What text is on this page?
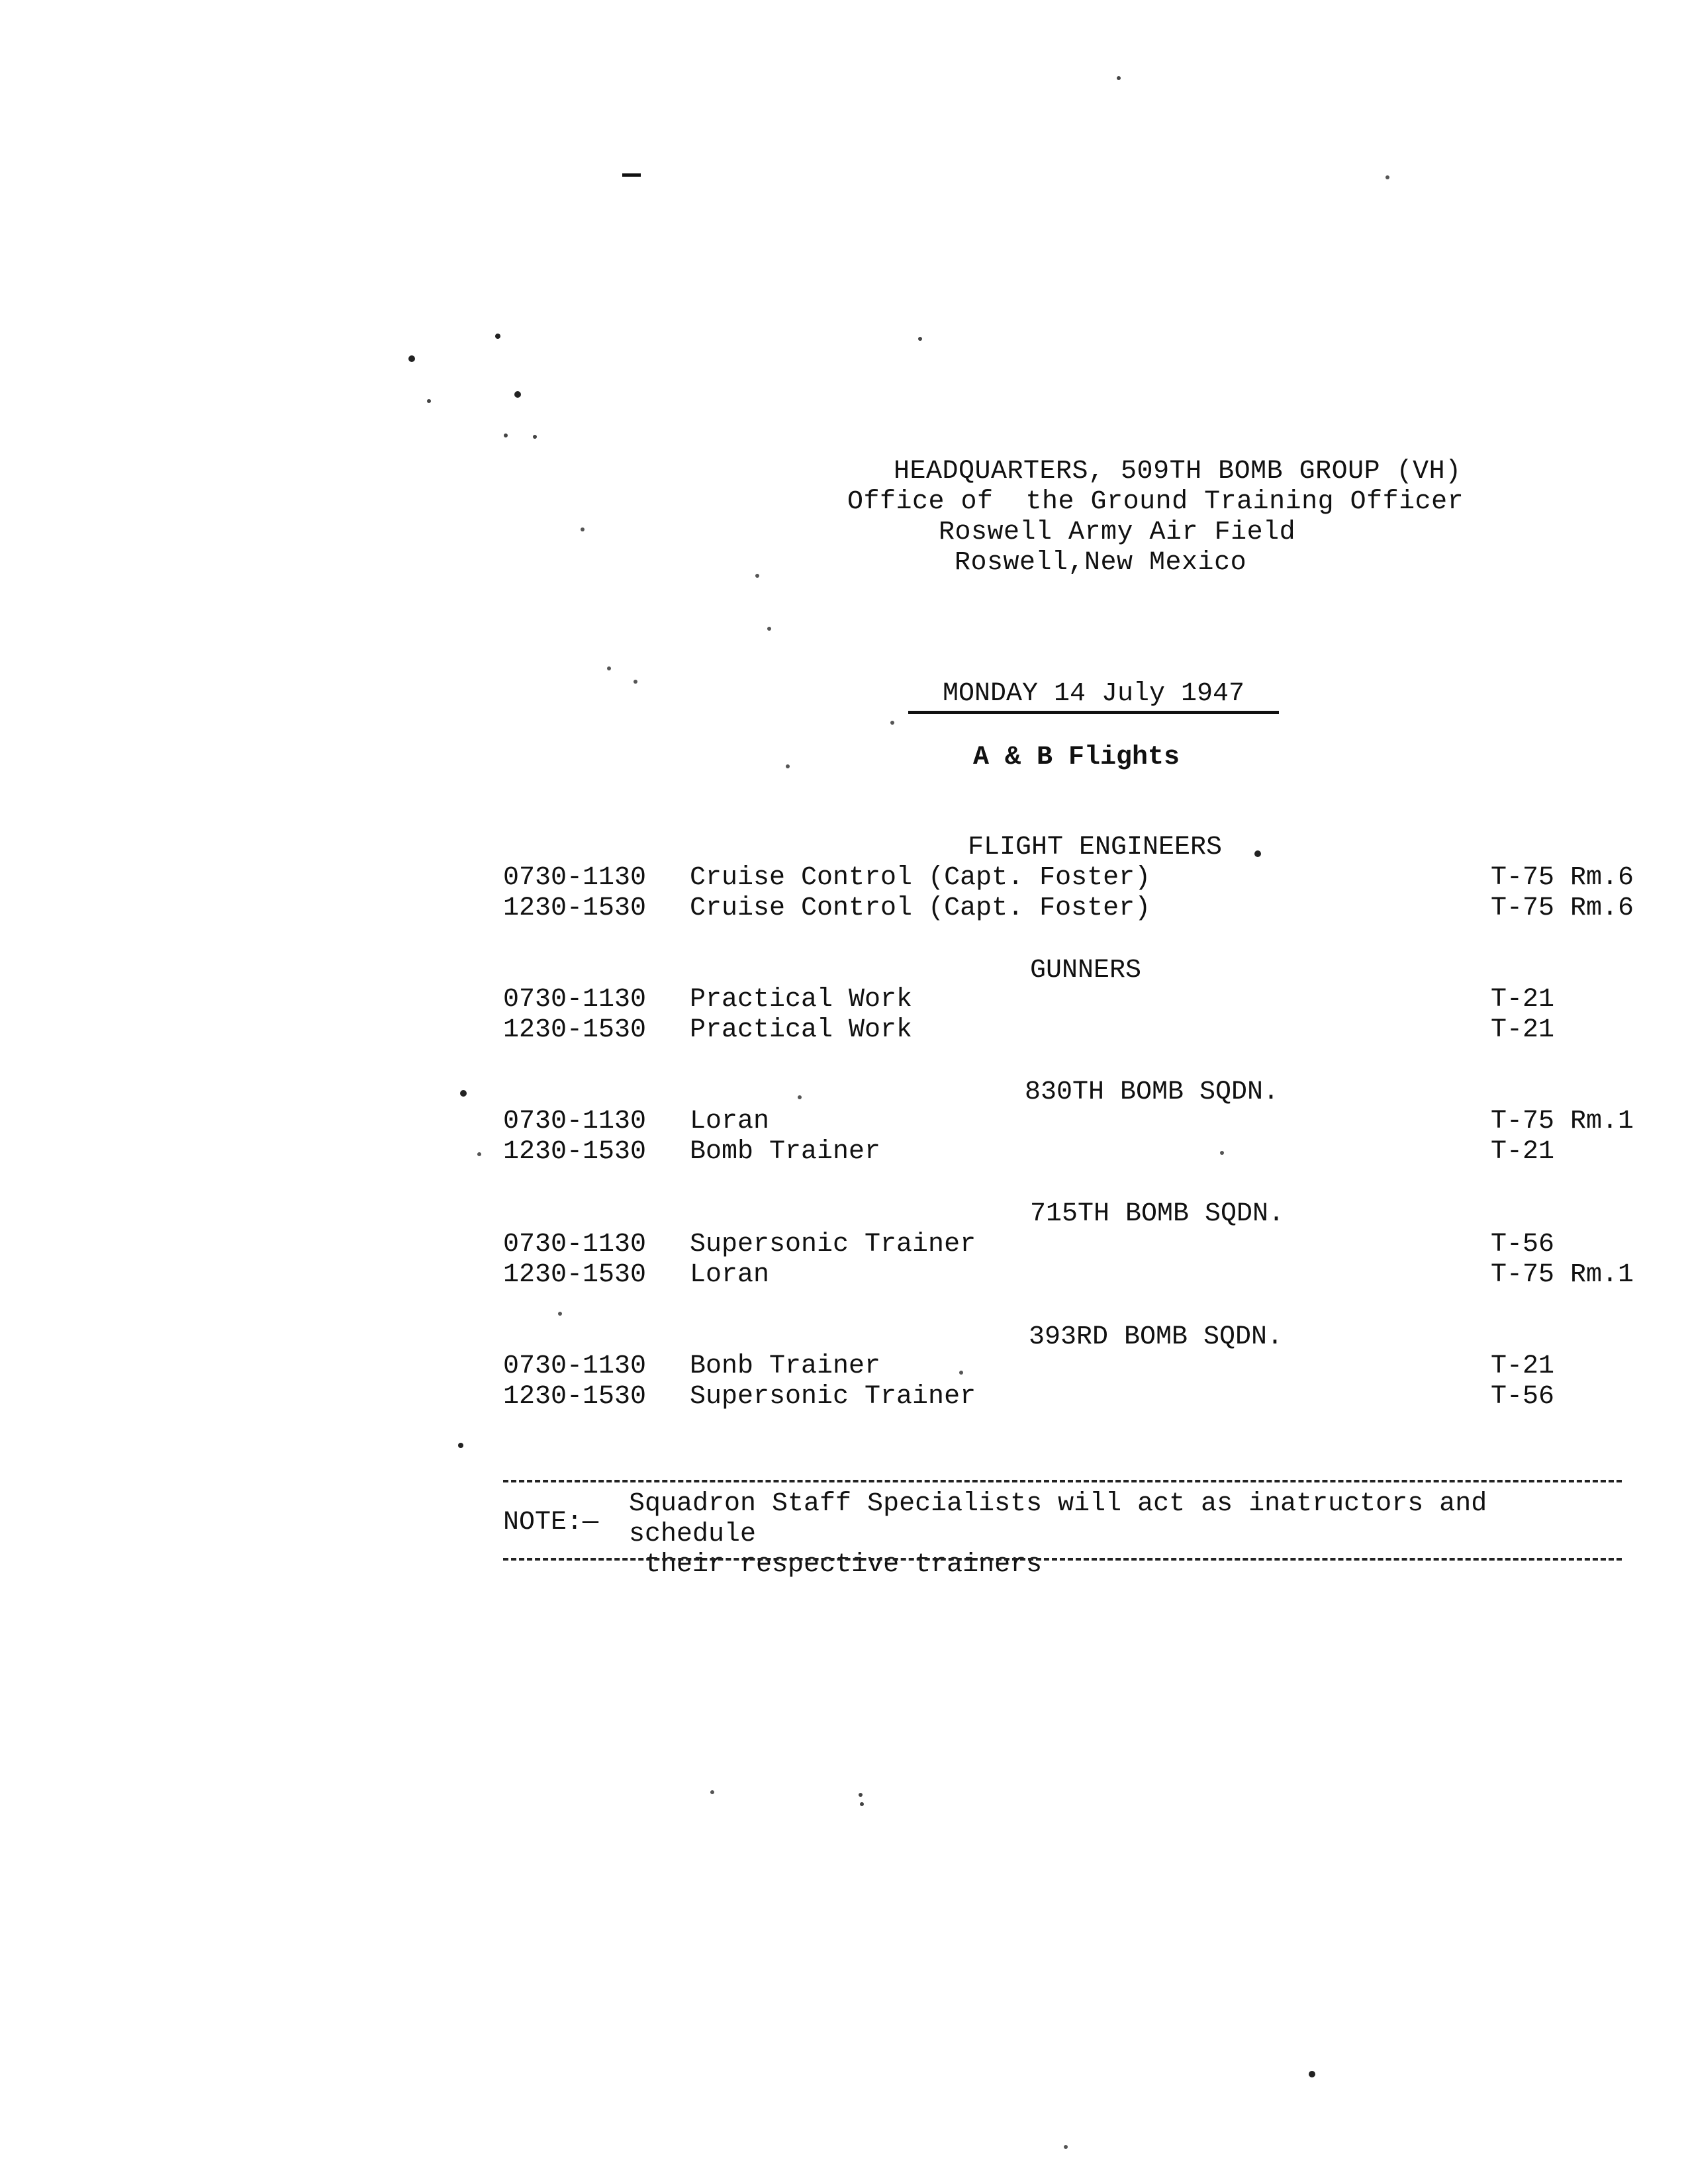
HEADQUARTERS, 509TH BOMB GROUP (VH)
Office of  the Ground Training Officer
Roswell Army Air Field
Roswell,New Mexico
MONDAY 14 July 1947
A & B Flights
FLIGHT ENGINEERS
0730-1130 Cruise Control (Capt. Foster)	T-75 Rm.6
1230-1530 Cruise Control (Capt. Foster)	T-75 Rm.6
GUNNERS
0730-1130 Practical Work	T-21
1230-1530 Practical Work	T-21
830TH BOMB SQDN.
0730-1130 Loran	T-75 Rm.1
1230-1530 Bomb Trainer	T-21
715TH BOMB SQDN.
0730-1130 Supersonic Trainer	T-56
1230-1530 Loran	T-75 Rm.1
393RD BOMB SQDN.
0730-1130 Bonb Trainer	T-21
1230-1530 Supersonic Trainer	T-56
NOTE:—
Squadron Staff Specialists will act as inatructors and  schedule
their respective trainers
